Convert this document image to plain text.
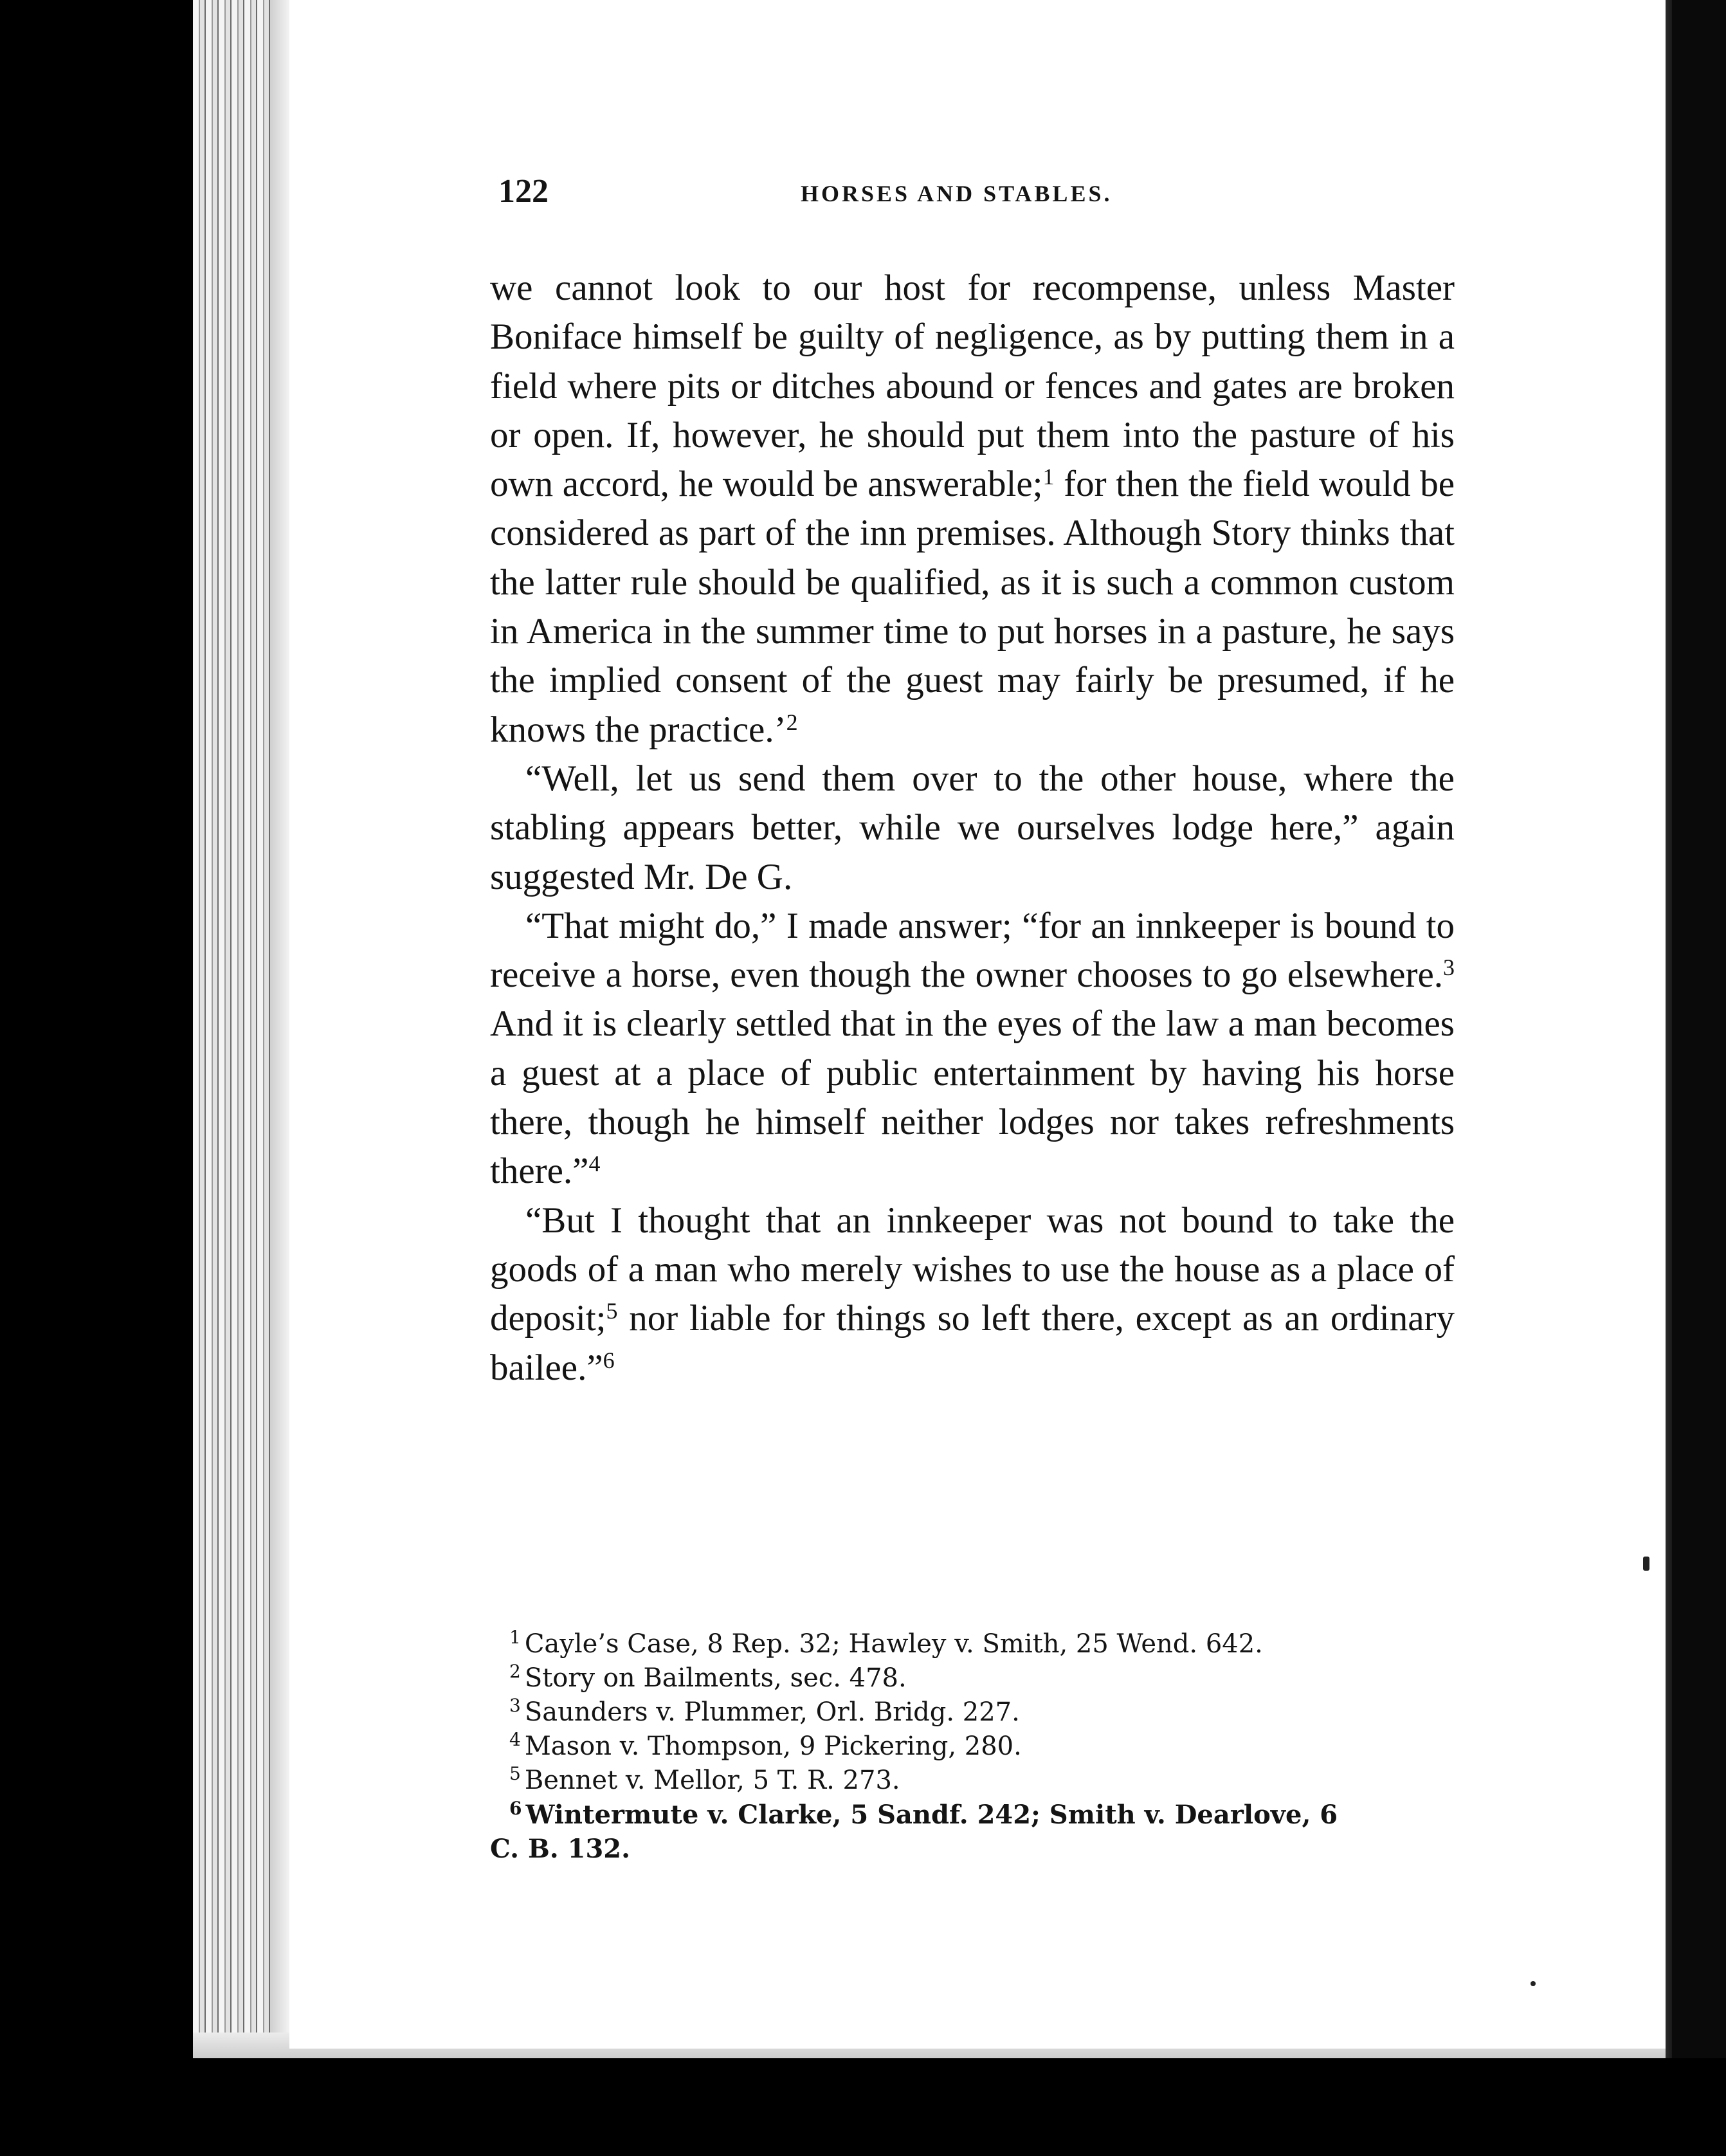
122	HORSES AND STABLES.

we cannot look to our host for recompense, unless Master Boniface himself be guilty of negligence, as by putting them in a field where pits or ditches abound or fences and gates are broken or open. If, however, he should put them into the pasture of his own accord, he would be answerable;$^1$ for then the field would be considered as part of the inn premises. Although Story thinks that the latter rule should be qualified, as it is such a common custom in America in the summer time to put horses in a pasture, he says the implied consent of the guest may fairly be presumed, if he knows the practice.’$^2$

“Well, let us send them over to the other house, where the stabling appears better, while we ourselves lodge here,” again suggested Mr. De G.

“That might do,” I made answer; “for an innkeeper is bound to receive a horse, even though the owner chooses to go elsewhere.$^3$ And it is clearly settled that in the eyes of the law a man becomes a guest at a place of public entertainment by having his horse there, though he himself neither lodges nor takes refreshments there.”$^4$

“But I thought that an innkeeper was not bound to take the goods of a man who merely wishes to use the house as a place of deposit;$^5$ nor liable for things so left there, except as an ordinary bailee.”$^6$

$^1$ Cayle’s Case, 8 Rep. 32; Hawley v. Smith, 25 Wend. 642.

$^2$ Story on Bailments, sec. 478.

$^3$ Saunders v. Plummer, Orl. Bridg. 227.

$^4$ Mason v. Thompson, 9 Pickering, 280.

$^5$ Bennet v. Mellor, 5 T. R. 273.

$^6$ Wintermute v. Clarke, 5 Sandf. 242; Smith v. Dearlove, 6

C. B. 132.
